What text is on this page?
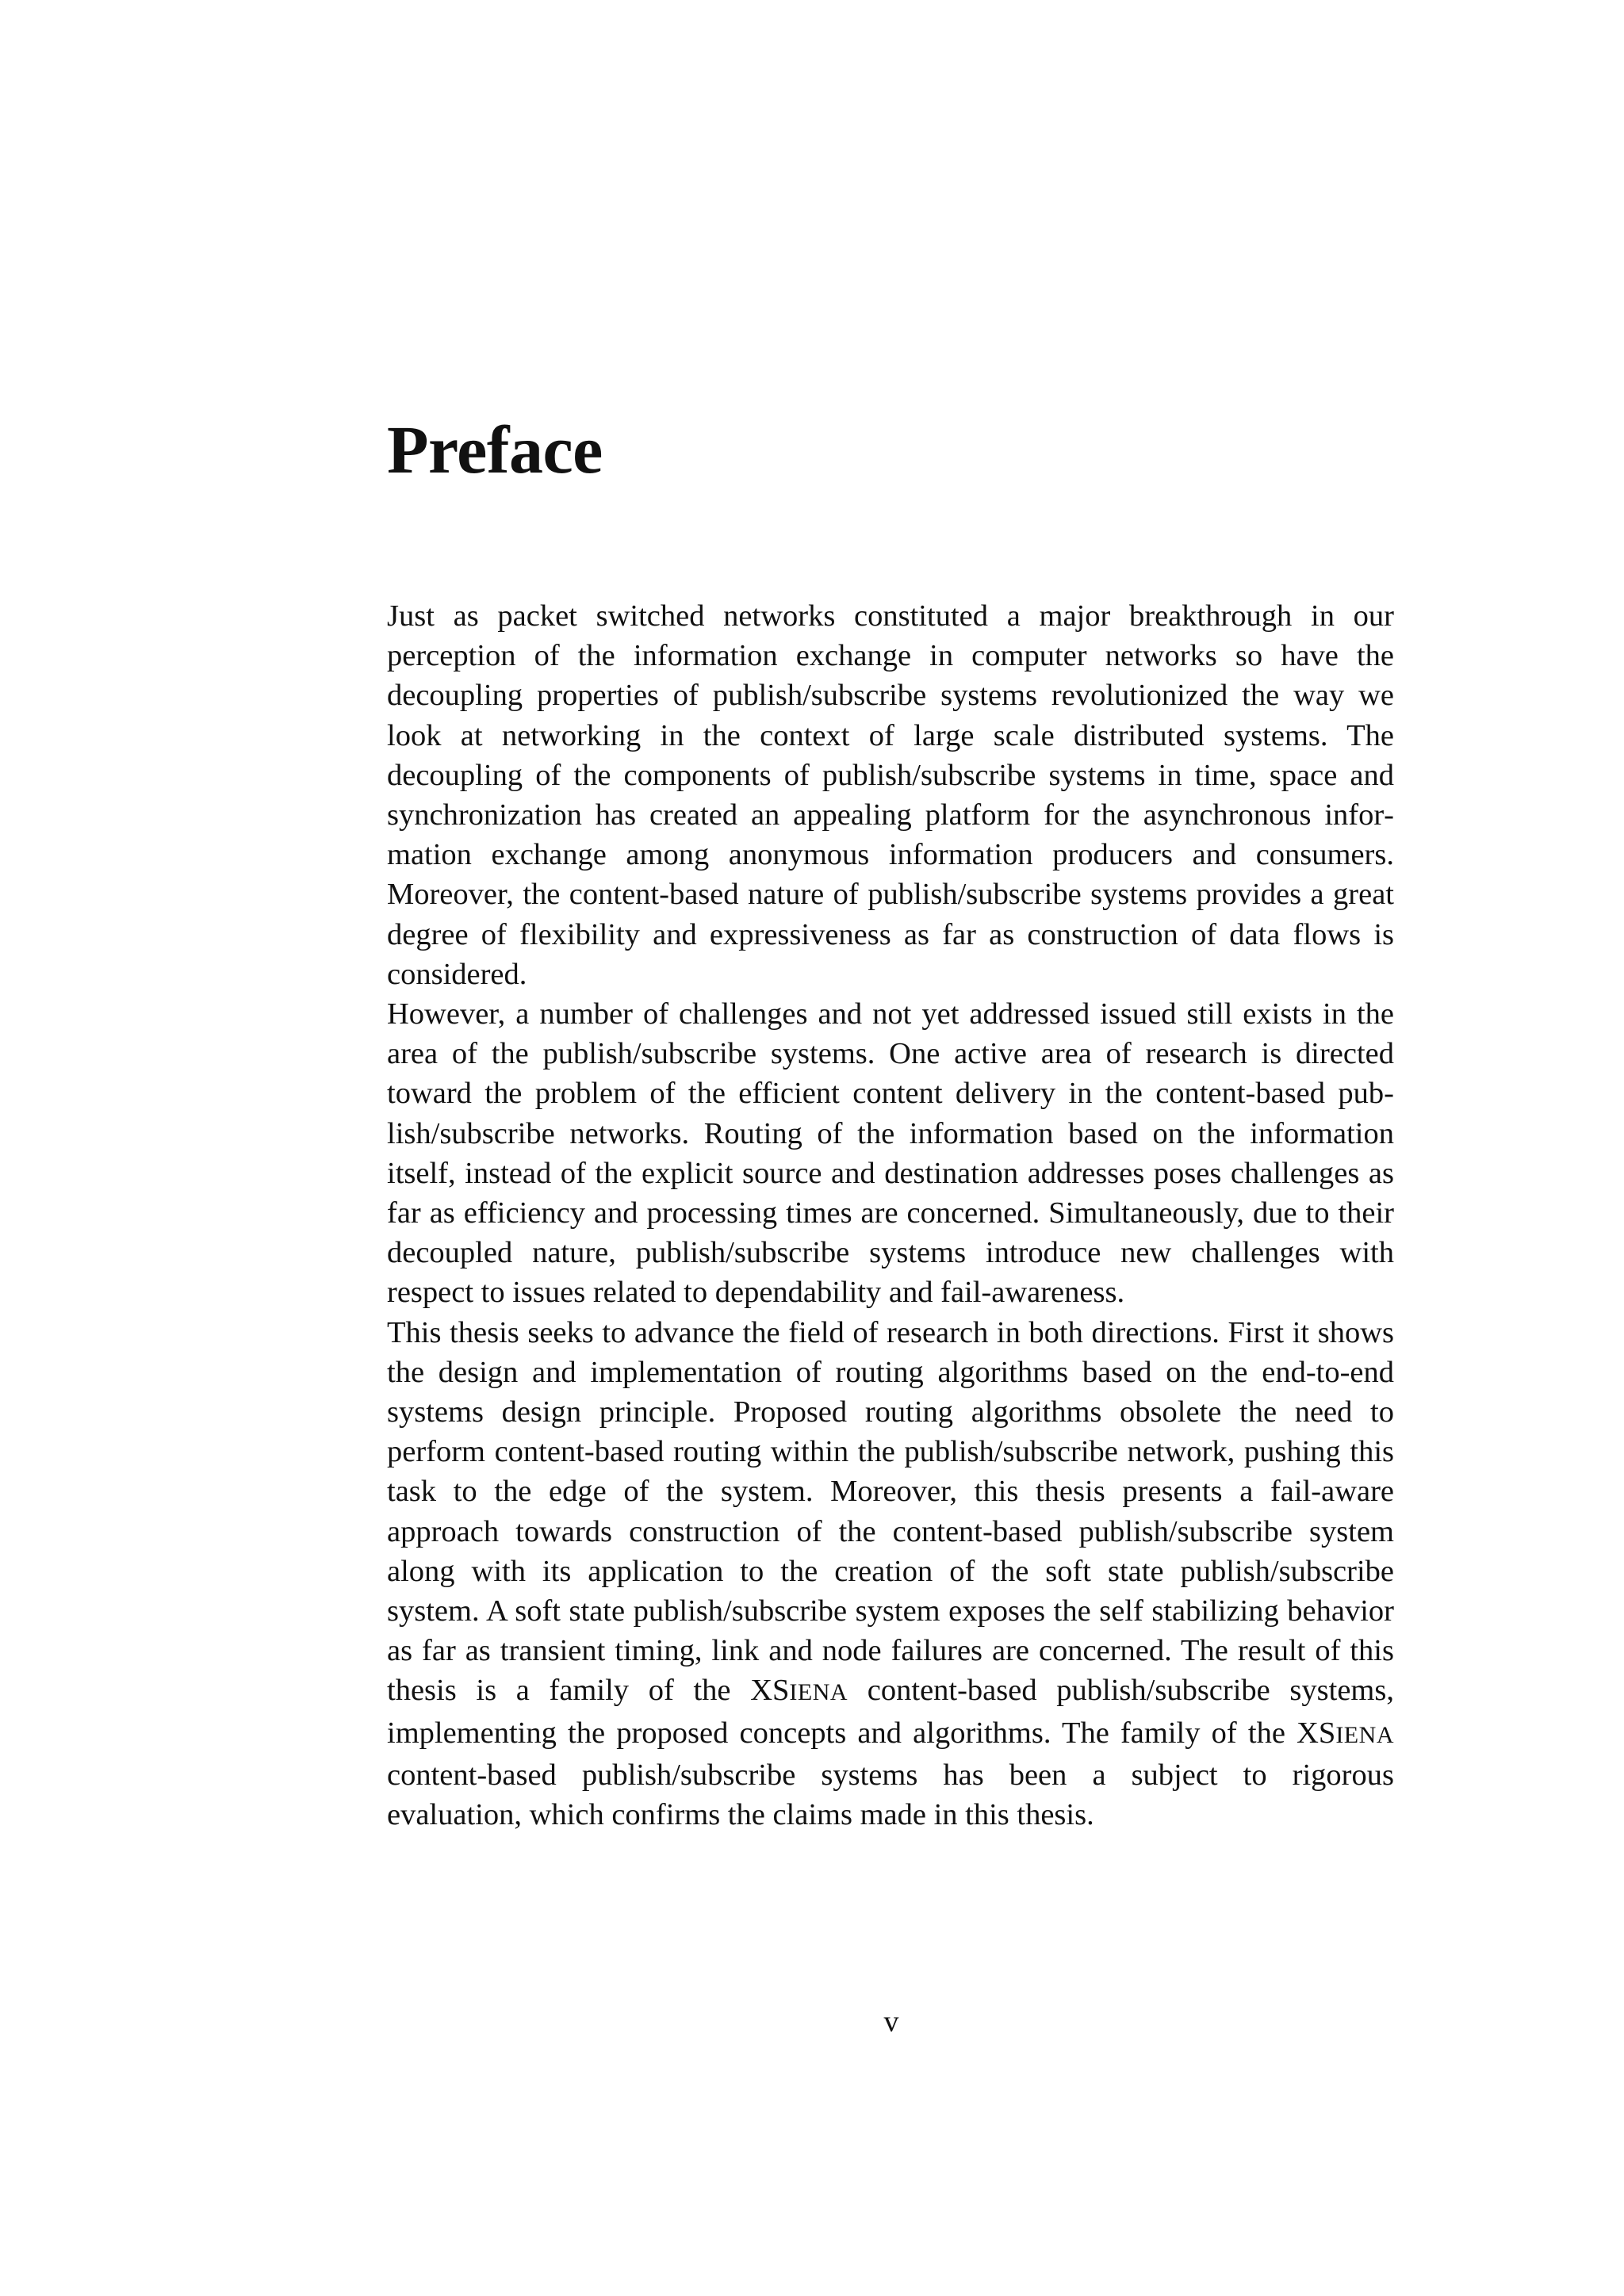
Preface

Just as packet switched networks constituted a major breakthrough in our perception of the information exchange in computer networks so have the decoupling properties of publish/subscribe systems revolutionized the way we look at networking in the context of large scale distributed systems. The decoupling of the components of publish/subscribe systems in time, space and synchronization has created an appealing platform for the asynchronous information exchange among anonymous information producers and consumers. Moreover, the content-based nature of publish/subscribe systems provides a great degree of flexibility and expressiveness as far as construction of data flows is considered.

However, a number of challenges and not yet addressed issued still exists in the area of the publish/subscribe systems. One active area of research is directed toward the problem of the efficient content delivery in the content-based publish/subscribe networks. Routing of the information based on the information itself, instead of the explicit source and destination addresses poses challenges as far as efficiency and processing times are concerned. Simultaneously, due to their decoupled nature, publish/subscribe systems introduce new challenges with respect to issues related to dependability and fail-awareness.

This thesis seeks to advance the field of research in both directions. First it shows the design and implementation of routing algorithms based on the end-to-end systems design principle. Proposed routing algorithms obsolete the need to perform content-based routing within the publish/subscribe network, pushing this task to the edge of the system. Moreover, this thesis presents a fail-aware approach towards construction of the content-based publish/subscribe system along with its application to the creation of the soft state publish/subscribe system. A soft state publish/subscribe system exposes the self stabilizing behavior as far as transient timing, link and node failures are concerned. The result of this thesis is a family of the XSIENA content-based publish/subscribe systems, implementing the proposed concepts and algorithms. The family of the XSIENA content-based publish/subscribe systems has been a subject to rigorous evaluation, which confirms the claims made in this thesis.

v
